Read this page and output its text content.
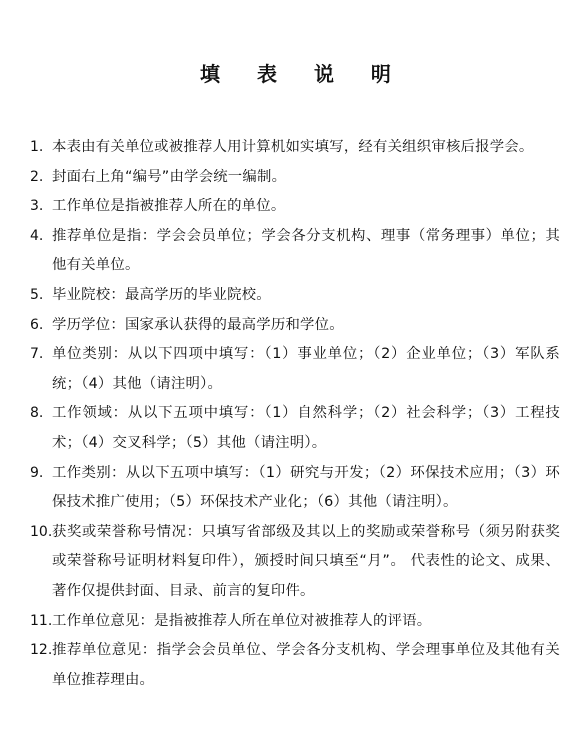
填 表 说 明
1. 本表由有关单位或被推荐人用计算机如实填写，经有关组织审核后报学会。
2. 封面右上角“编号”由学会统一编制。
3. 工作单位是指被推荐人所在的单位。
4. 推荐单位是指：学会会员单位；学会各分支机构、理事（常务理事）单位；其他有关单位。
5. 毕业院校：最高学历的毕业院校。
6. 学历学位：国家承认获得的最高学历和学位。
7. 单位类别：从以下四项中填写：（1）事业单位；（2）企业单位；（3）军队系统；（4）其他（请注明）。
8. 工作领域：从以下五项中填写：（1）自然科学；（2）社会科学；（3）工程技术；（4）交叉科学；（5）其他（请注明）。
9. 工作类别：从以下五项中填写：（1）研究与开发；（2）环保技术应用；（3）环保技术推广使用；（5）环保技术产业化；（6）其他（请注明）。
10. 获奖或荣誉称号情况：只填写省部级及其以上的奖励或荣誉称号（须另附获奖或荣誉称号证明材料复印件），颁授时间只填至“月”。 代表性的论文、成果、著作仅提供封面、目录、前言的复印件。
11. 工作单位意见：是指被推荐人所在单位对被推荐人的评语。
12. 推荐单位意见：指学会会员单位、学会各分支机构、学会理事单位及其他有关单位推荐理由。
